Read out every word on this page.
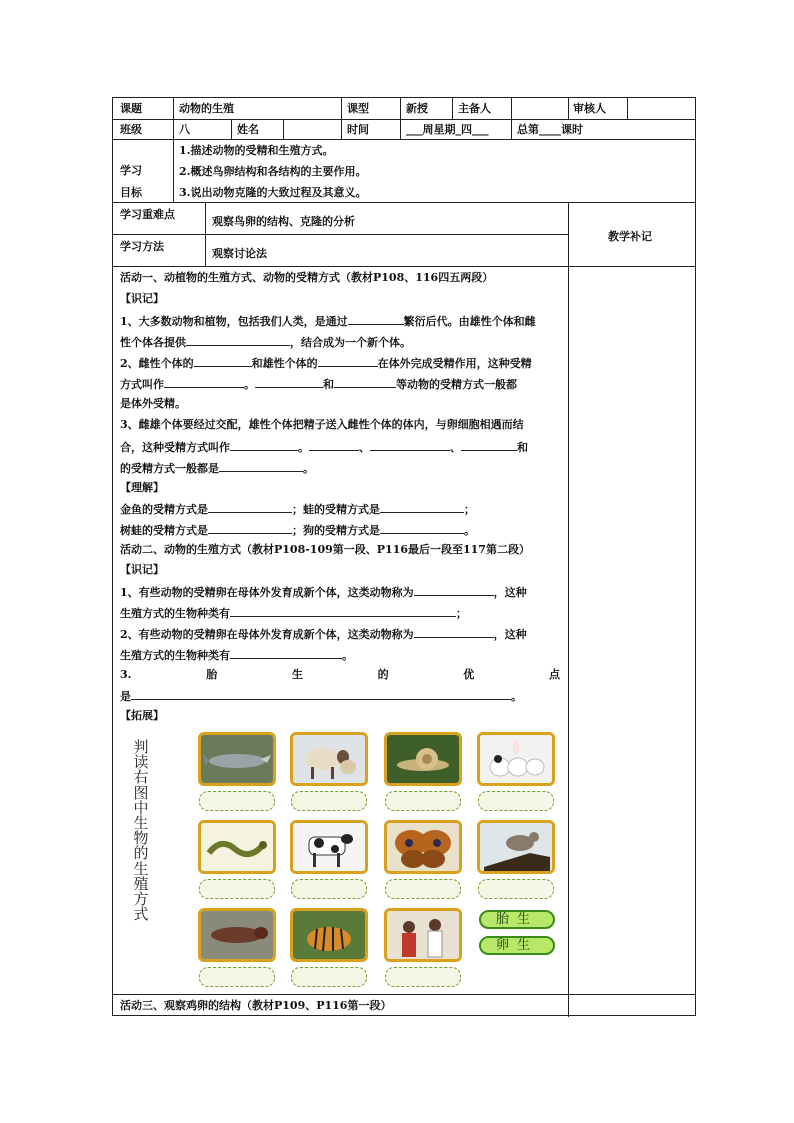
课题	动物的生殖	课型	新授	主备人	审核人
班级	八	姓名	时间	___周星期_四___	总第____课时
学习
目标
1.描述动物的受精和生殖方式。
2.概述鸟卵结构和各结构的主要作用。
3.说出动物克隆的大致过程及其意义。
学习重难点
观察鸟卵的结构、克隆的分析
学习方法
观察讨论法
教学补记
活动一、动植物的生殖方式、动物的受精方式（教材P108、116四五两段）
【识记】
1、大多数动物和植物，包括我们人类，是通过	繁衍后代。由雄性个体和雌
性个体各提供	，结合成为一个新个体。
2、雌性个体的	和雄性个体的	在体外完成受精作用，这种受精
方式叫作	。	和	等动物的受精方式一般都
是体外受精。
3、雌雄个体要经过交配，雄性个体把精子送入雌性个体的体内，与卵细胞相遇而结
合，这种受精方式叫作	。	、	、	和
的受精方式一般都是	。
【理解】
金鱼的受精方式是	；蛙的受精方式是	；
树蛙的受精方式是	；狗的受精方式是	。
活动二、动物的生殖方式（教材P108-109第一段、P116最后一段至117第二段）
【识记】
1、有些动物的受精卵在母体外发育成新个体，这类动物称为	，这种
生殖方式的生物种类有	；
2、有些动物的受精卵在母体外发育成新个体，这类动物称为	，这种
生殖方式的生物种类有	。
3.	胎	生	的	优	点
是	。
【拓展】
判读右图中生物的生殖方式	胎生
卵生
活动三、观察鸡卵的结构（教材P109、P116第一段）
